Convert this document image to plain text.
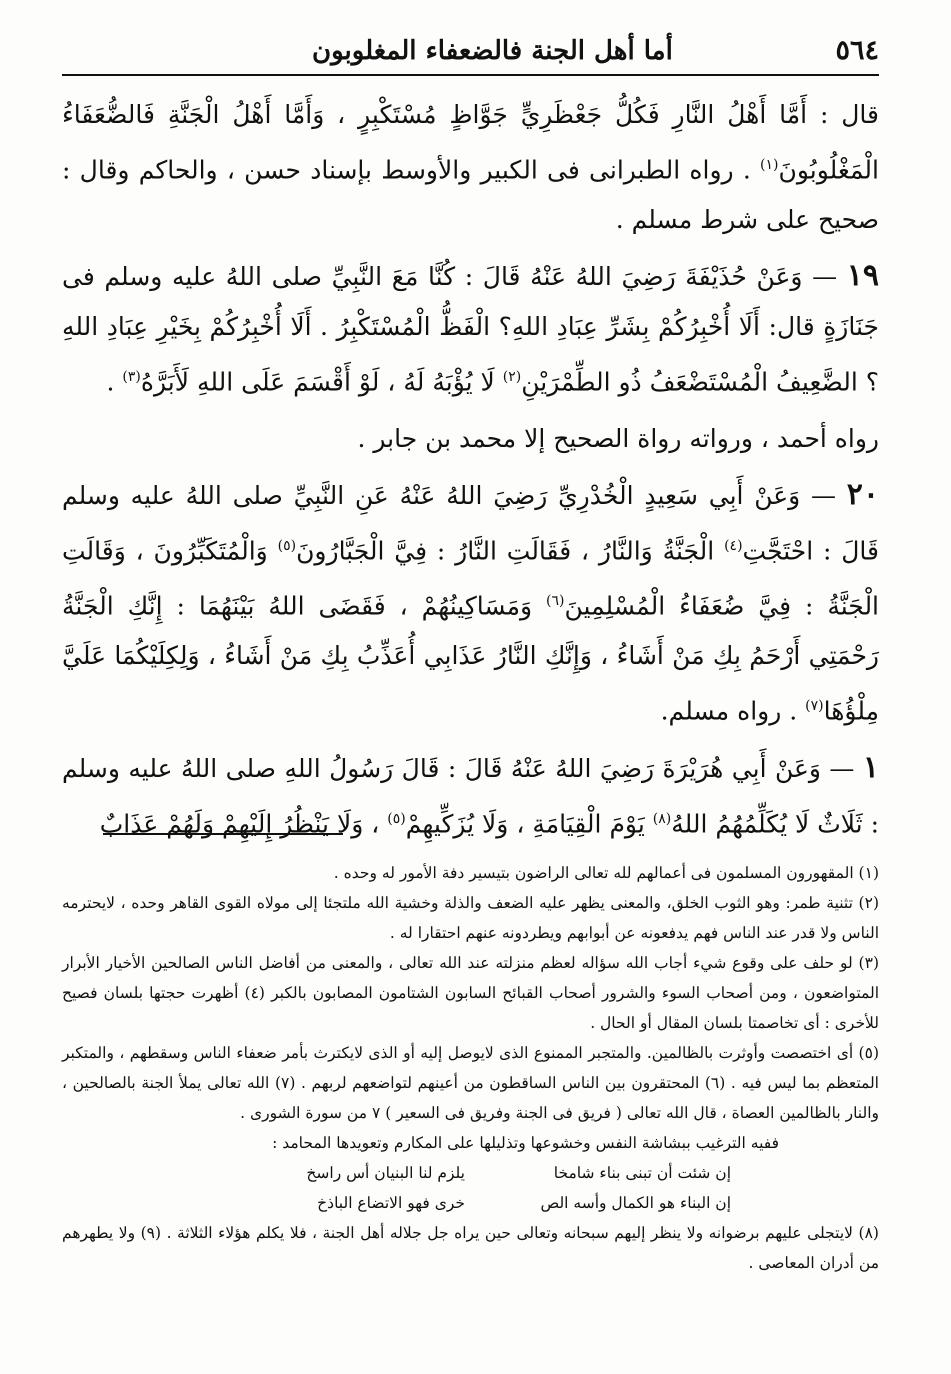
٥٦٤
أما أهل الجنة فالضعفاء المغلوبون

قال : أَمَّا أَهْلُ النَّارِ فَكُلُّ جَعْظَرِيٍّ جَوَّاظٍ مُسْتَكْبِرٍ ، وَأَمَّا أَهْلُ الْجَنَّةِ فَالضُّعَفَاءُ الْمَغْلُوبُونَ$^{(١)}$ . رواه الطبرانى فى الكبير والأوسط بإسناد حسن ، والحاكم وقال : صحيح على شرط مسلم .

١٩ — وَعَنْ حُذَيْفَةَ رَضِيَ اللهُ عَنْهُ قَالَ : كُنَّا مَعَ النَّبِيِّ صلى اللهُ عليه وسلم فى جَنَازَةٍ قال: أَلَا أُخْبِرُكُمْ بِشَرِّ عِبَادِ اللهِ؟ الْفَظُّ الْمُسْتَكْبِرُ . أَلَا أُخْبِرُكُمْ بِخَيْرِ عِبَادِ اللهِ ؟ الضَّعِيفُ الْمُسْتَضْعَفُ ذُو الطِّمْرَيْنِ$^{(٢)}$ لَا يُؤْبَهُ لَهُ ، لَوْ أَقْسَمَ عَلَى اللهِ لَأَبَرَّهُ$^{(٣)}$ .

رواه أحمد ، ورواته رواة الصحيح إلا محمد بن جابر .

٢٠ — وَعَنْ أَبِي سَعِيدٍ الْخُدْرِيِّ رَضِيَ اللهُ عَنْهُ عَنِ النَّبِيِّ صلى اللهُ عليه وسلم قَالَ : احْتَجَّتِ$^{(٤)}$ الْجَنَّةُ وَالنَّارُ ، فَقَالَتِ النَّارُ : فِيَّ الْجَبَّارُونَ$^{(٥)}$ وَالْمُتَكَبِّرُونَ ، وَقَالَتِ الْجَنَّةُ : فِيَّ ضُعَفَاءُ الْمُسْلِمِينَ$^{(٦)}$ وَمَسَاكِينُهُمْ ، فَقَضَى اللهُ بَيْنَهُمَا : إِنَّكِ الْجَنَّةُ رَحْمَتِي أَرْحَمُ بِكِ مَنْ أَشَاءُ ، وَإِنَّكِ النَّارُ عَذَابِي أُعَذِّبُ بِكِ مَنْ أَشَاءُ ، وَلِكِلَيْكُمَا عَلَيَّ مِلْؤُهَا$^{(٧)}$ . رواه مسلم.

١ — وَعَنْ أَبِي هُرَيْرَةَ رَضِيَ اللهُ عَنْهُ قَالَ : قَالَ رَسُولُ اللهِ صلى اللهُ عليه وسلم : ثَلَاثٌ لَا يُكَلِّمُهُمُ اللهُ$^{(٨)}$ يَوْمَ الْقِيَامَةِ ، وَلَا يُزَكِّيهِمْ$^{(٥)}$ ، وَلَا يَنْظُرُ إِلَيْهِمْ وَلَهُمْ عَذَابٌ

(١) المقهورون المسلمون فى أعمالهم لله تعالى الراضون بتيسير دفة الأمور له وحده .

(٢) تثنية طمر: وهو الثوب الخلق، والمعنى يظهر عليه الضعف والذلة وخشية الله ملتجئا إلى مولاه القوى القاهر وحده ، لايحترمه الناس ولا قدر عند الناس فهم يدفعونه عن أبوابهم ويطردونه عنهم احتقارا له .

(٣) لو حلف على وقوع شيء أجاب الله سؤاله لعظم منزلته عند الله تعالى ، والمعنى من أفاضل الناس الصالحين الأخيار الأبرار المتواضعون ، ومن أصحاب السوء والشرور أصحاب القبائح السابون الشتامون المصابون بالكبر (٤) أظهرت حجتها بلسان فصيح للأخرى : أى تخاصمتا بلسان المقال أو الحال .

(٥) أى اختصصت وأوثرت بالظالمين. والمتجبر الممنوع الذى لايوصل إليه أو الذى لايكترث بأمر ضعفاء الناس وسقطهم ، والمتكبر المتعظم بما ليس فيه . (٦) المحتقرون بين الناس الساقطون من أعينهم لتواضعهم لربهم . (٧) الله تعالى يملأ الجنة بالصالحين ، والنار بالظالمين العصاة ، قال الله تعالى ( فريق فى الجنة وفريق فى السعير ) ٧ من سورة الشورى .

ففيه الترغيب ببشاشة النفس وخشوعها وتذليلها على المكارم وتعويدها المحامد :

إن شئت أن تبنى بناء شامخا
يلزم لنا البنيان أس راسخ
إن البناء هو الكمال وأسه الص
خرى فهو الاتضاع الباذخ

(٨) لايتجلى عليهم برضوانه ولا ينظر إليهم سبحانه وتعالى حين يراه جل جلاله أهل الجنة ، فلا يكلم هؤلاء الثلاثة . (٩) ولا يطهرهم من أدران المعاصى .
